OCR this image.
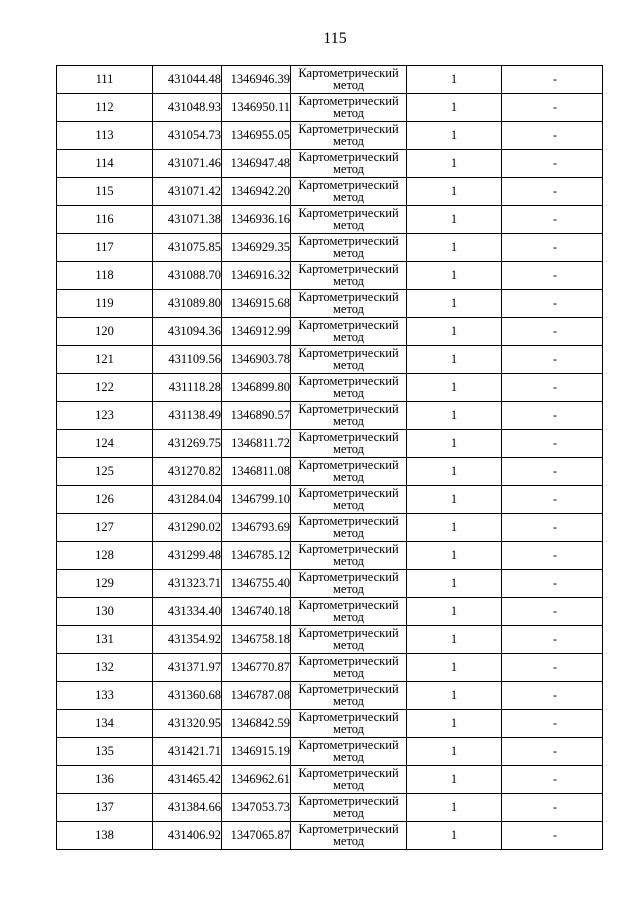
115
111	431044.48	1346946.39	Картометрический метод	1	-
112	431048.93	1346950.11	Картометрический метод	1	-
113	431054.73	1346955.05	Картометрический метод	1	-
114	431071.46	1346947.48	Картометрический метод	1	-
115	431071.42	1346942.20	Картометрический метод	1	-
116	431071.38	1346936.16	Картометрический метод	1	-
117	431075.85	1346929.35	Картометрический метод	1	-
118	431088.70	1346916.32	Картометрический метод	1	-
119	431089.80	1346915.68	Картометрический метод	1	-
120	431094.36	1346912.99	Картометрический метод	1	-
121	431109.56	1346903.78	Картометрический метод	1	-
122	431118.28	1346899.80	Картометрический метод	1	-
123	431138.49	1346890.57	Картометрический метод	1	-
124	431269.75	1346811.72	Картометрический метод	1	-
125	431270.82	1346811.08	Картометрический метод	1	-
126	431284.04	1346799.10	Картометрический метод	1	-
127	431290.02	1346793.69	Картометрический метод	1	-
128	431299.48	1346785.12	Картометрический метод	1	-
129	431323.71	1346755.40	Картометрический метод	1	-
130	431334.40	1346740.18	Картометрический метод	1	-
131	431354.92	1346758.18	Картометрический метод	1	-
132	431371.97	1346770.87	Картометрический метод	1	-
133	431360.68	1346787.08	Картометрический метод	1	-
134	431320.95	1346842.59	Картометрический метод	1	-
135	431421.71	1346915.19	Картометрический метод	1	-
136	431465.42	1346962.61	Картометрический метод	1	-
137	431384.66	1347053.73	Картометрический метод	1	-
138	431406.92	1347065.87	Картометрический метод	1	-
